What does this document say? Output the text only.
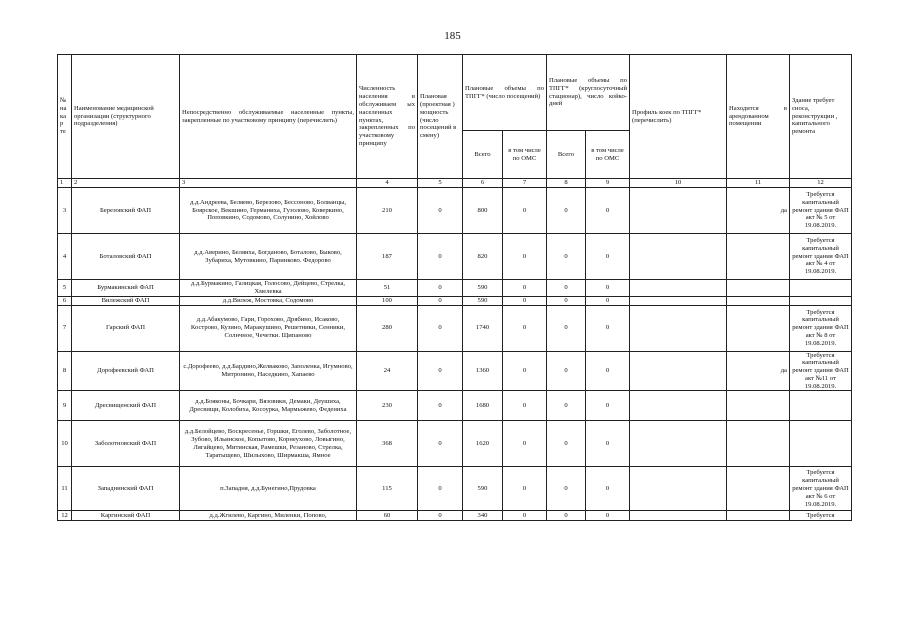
185
№ на кар те	Наименование медицинской организации (структурного подразделения)	Непосредственно обслуживаемые населенные пункты, закрепленные по участковому принципу (перечислить)	Численность населения в обслуживаем ых населенных пунктах, закрепленных по участковому принципу	Плановая (проектная ) мощность (число посещений в смену)	Плановые объемы по ТПГГ* (число посещений)		Плановые объемы по ТПГГ* (круглосуточный стационар), число койко-дней		Профиль коек по ТПГГ* (перечислить)	Находится в арендованном помещении	Здание требует сноса, реконструкции , капитального ремонта
					Всего	в том числе по ОМС	Всего	в том числе по ОМС			
1	2	3	4	5	6	7	8	9	10	11	12
3	Березовский ФАП	д.д.Андреева, Беляево, Березово, Бессоново, Болванцы, Боярское, Векшино, Германиха, Гузолово, Коверкино, Поповкино, Содомово, Солунино, Хойлово	210	0	800	0	0	0		да	Требуется капитальный ремонт здания ФАП акт № 5 от 19.08.2019.
4	Боталовский ФАП	д.д.Аверино, Беляиха, Богданово, Боталово, Быково, Зубариха, Мутовкино, Паринково. Федорово	187	0	820	0	0	0			Требуется капитальный ремонт здания ФАП акт № 4 от 19.08.2019.
5	Бурмакинский ФАП	д.д.Бурмакино, Галицкая, Голосово, Дейцево, Стрелка, Хмелевка	51	0	590	0	0	0			
6	Вилежский ФАП	д.д.Вилеж, Мостовка, Содомово	100	0	590	0	0	0			
7	Гарский ФАП	д.д.Абакумово, Гари, Горохово, Дрябино, Исаково, Кострово, Кузино, Маракушино, Решетники, Сенники, Солнчное, Чечетки. Щипаново	280	0	1740	0	0	0			Требуется капитальный ремонт здания ФАП акт № 8 от 19.08.2019.
8	Дорофеевский ФАП	с.Дорофеево, д.д.Бардино,Желваково, Заполенка, Игумново, Митронино, Наседкино, Хапаево	24	0	1360	0	0	0		да	Требуется капитальный ремонт здания ФАП акт №11 от 19.08.2019.
9	Дресвищенский ФАП	д.д.Бояконы, Бочкари, Вязовики, Демаки, Деушиха, Дресвищи, Колобиха, Косоурка, Мармыжево, Федениха	230	0	1680	0	0	0			
10	Заболотновский ФАП	д.д.Белойцево, Воскресенье, Горшки, Еголево, Заболотное, Зубово, Ильинское, Копытово, Корнеухово, Ловыгино, Лягайцево, Митинская, Рамешки, Резаново, Стрелка, Таратыщево, Шилыхово, Ширмакша, Ямное	368	0	1620	0	0	0			
11	Западнинский ФАП	п.Западня, д.д.Бунегино,Прудовка	115	0	590	0	0	0			Требуется капитальный ремонт здания ФАП акт № 6 от 19.08.2019.
12	Каргинский ФАП	д.д.Жгилево, Каргино, Миленки, Попово,	60	0	340	0	0	0			Требуется
